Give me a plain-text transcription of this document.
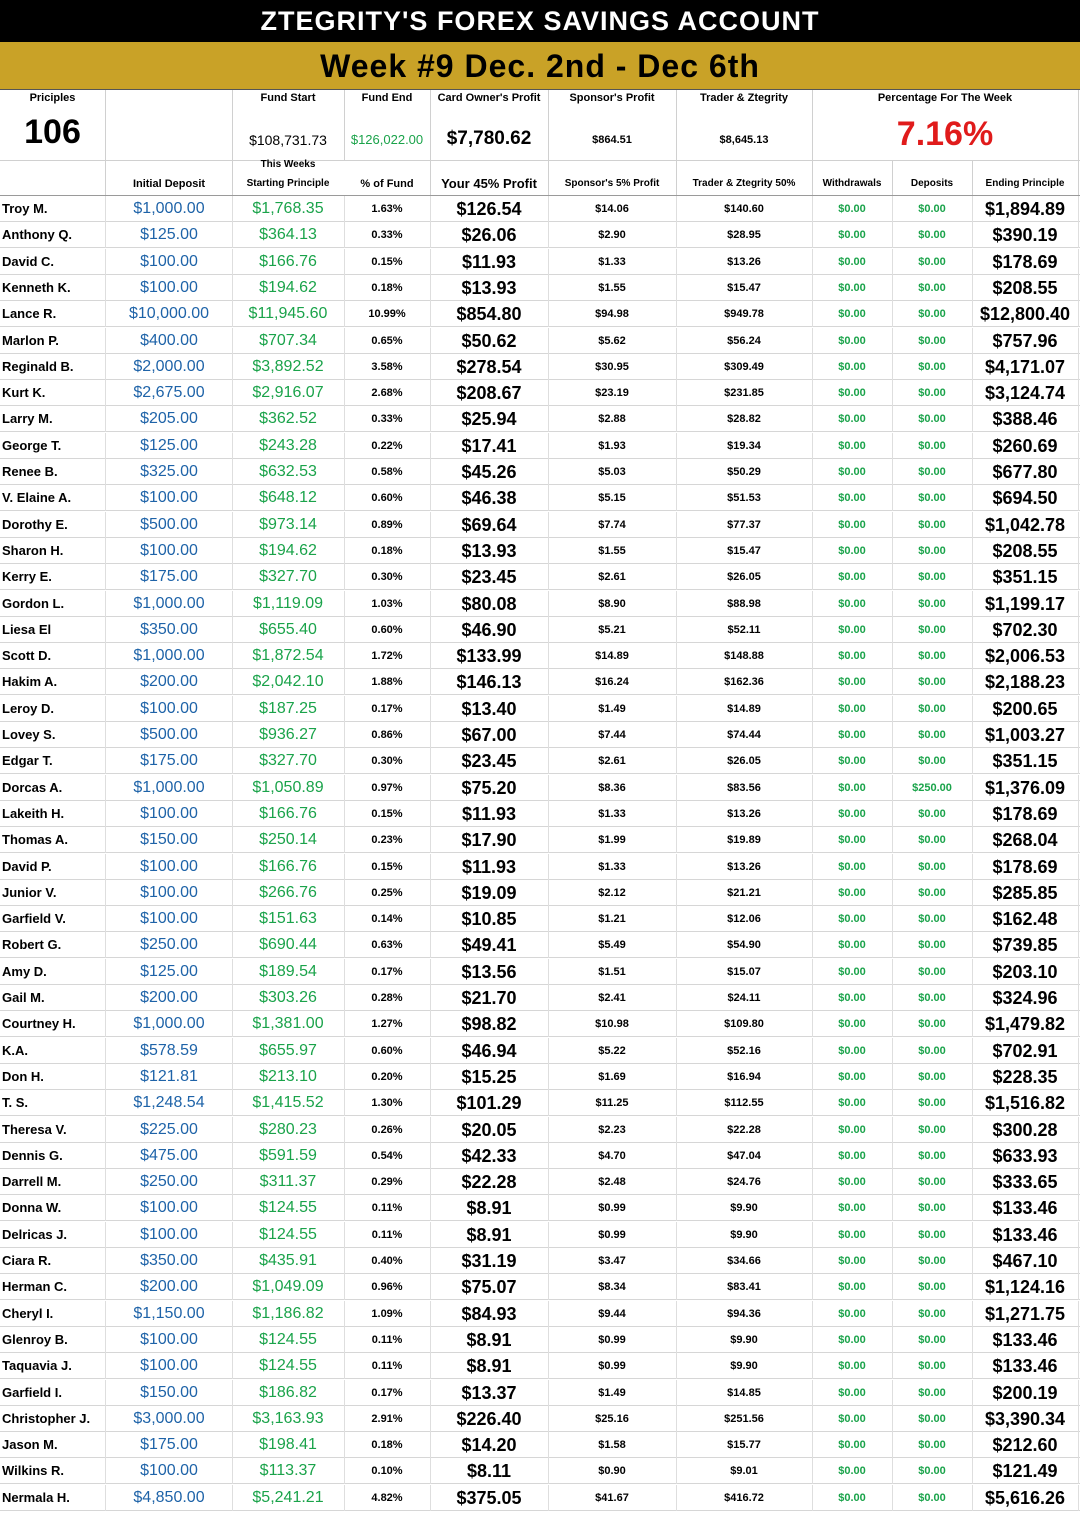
ZTEGRITY'S FOREX SAVINGS ACCOUNT
Week #9 Dec. 2nd - Dec 6th
Priciples	Fund Start	Fund End	Card Owner's Profit	Sponsor's Profit	Trader & Ztegrity	Percentage For The Week
106	$108,731.73	$126,022.00	$7,780.62	$864.51	$8,645.13	7.16%
This Weeks
Initial Deposit	Starting Principle	% of Fund	Your 45% Profit	Sponsor's 5% Profit	Trader & Ztegrity 50%	Withdrawals	Deposits	Ending Principle
Troy M.	$1,000.00	$1,768.35	1.63%	$126.54	$14.06	$140.60	$0.00	$0.00	$1,894.89
Anthony Q.	$125.00	$364.13	0.33%	$26.06	$2.90	$28.95	$0.00	$0.00	$390.19
David C.	$100.00	$166.76	0.15%	$11.93	$1.33	$13.26	$0.00	$0.00	$178.69
Kenneth K.	$100.00	$194.62	0.18%	$13.93	$1.55	$15.47	$0.00	$0.00	$208.55
Lance R.	$10,000.00	$11,945.60	10.99%	$854.80	$94.98	$949.78	$0.00	$0.00	$12,800.40
Marlon P.	$400.00	$707.34	0.65%	$50.62	$5.62	$56.24	$0.00	$0.00	$757.96
Reginald B.	$2,000.00	$3,892.52	3.58%	$278.54	$30.95	$309.49	$0.00	$0.00	$4,171.07
Kurt K.	$2,675.00	$2,916.07	2.68%	$208.67	$23.19	$231.85	$0.00	$0.00	$3,124.74
Larry M.	$205.00	$362.52	0.33%	$25.94	$2.88	$28.82	$0.00	$0.00	$388.46
George T.	$125.00	$243.28	0.22%	$17.41	$1.93	$19.34	$0.00	$0.00	$260.69
Renee B.	$325.00	$632.53	0.58%	$45.26	$5.03	$50.29	$0.00	$0.00	$677.80
V. Elaine A.	$100.00	$648.12	0.60%	$46.38	$5.15	$51.53	$0.00	$0.00	$694.50
Dorothy E.	$500.00	$973.14	0.89%	$69.64	$7.74	$77.37	$0.00	$0.00	$1,042.78
Sharon H.	$100.00	$194.62	0.18%	$13.93	$1.55	$15.47	$0.00	$0.00	$208.55
Kerry E.	$175.00	$327.70	0.30%	$23.45	$2.61	$26.05	$0.00	$0.00	$351.15
Gordon L.	$1,000.00	$1,119.09	1.03%	$80.08	$8.90	$88.98	$0.00	$0.00	$1,199.17
Liesa El	$350.00	$655.40	0.60%	$46.90	$5.21	$52.11	$0.00	$0.00	$702.30
Scott D.	$1,000.00	$1,872.54	1.72%	$133.99	$14.89	$148.88	$0.00	$0.00	$2,006.53
Hakim A.	$200.00	$2,042.10	1.88%	$146.13	$16.24	$162.36	$0.00	$0.00	$2,188.23
Leroy D.	$100.00	$187.25	0.17%	$13.40	$1.49	$14.89	$0.00	$0.00	$200.65
Lovey S.	$500.00	$936.27	0.86%	$67.00	$7.44	$74.44	$0.00	$0.00	$1,003.27
Edgar T.	$175.00	$327.70	0.30%	$23.45	$2.61	$26.05	$0.00	$0.00	$351.15
Dorcas A.	$1,000.00	$1,050.89	0.97%	$75.20	$8.36	$83.56	$0.00	$250.00	$1,376.09
Lakeith H.	$100.00	$166.76	0.15%	$11.93	$1.33	$13.26	$0.00	$0.00	$178.69
Thomas A.	$150.00	$250.14	0.23%	$17.90	$1.99	$19.89	$0.00	$0.00	$268.04
David P.	$100.00	$166.76	0.15%	$11.93	$1.33	$13.26	$0.00	$0.00	$178.69
Junior V.	$100.00	$266.76	0.25%	$19.09	$2.12	$21.21	$0.00	$0.00	$285.85
Garfield V.	$100.00	$151.63	0.14%	$10.85	$1.21	$12.06	$0.00	$0.00	$162.48
Robert G.	$250.00	$690.44	0.63%	$49.41	$5.49	$54.90	$0.00	$0.00	$739.85
Amy D.	$125.00	$189.54	0.17%	$13.56	$1.51	$15.07	$0.00	$0.00	$203.10
Gail M.	$200.00	$303.26	0.28%	$21.70	$2.41	$24.11	$0.00	$0.00	$324.96
Courtney H.	$1,000.00	$1,381.00	1.27%	$98.82	$10.98	$109.80	$0.00	$0.00	$1,479.82
K.A.	$578.59	$655.97	0.60%	$46.94	$5.22	$52.16	$0.00	$0.00	$702.91
Don H.	$121.81	$213.10	0.20%	$15.25	$1.69	$16.94	$0.00	$0.00	$228.35
T. S.	$1,248.54	$1,415.52	1.30%	$101.29	$11.25	$112.55	$0.00	$0.00	$1,516.82
Theresa V.	$225.00	$280.23	0.26%	$20.05	$2.23	$22.28	$0.00	$0.00	$300.28
Dennis G.	$475.00	$591.59	0.54%	$42.33	$4.70	$47.04	$0.00	$0.00	$633.93
Darrell M.	$250.00	$311.37	0.29%	$22.28	$2.48	$24.76	$0.00	$0.00	$333.65
Donna W.	$100.00	$124.55	0.11%	$8.91	$0.99	$9.90	$0.00	$0.00	$133.46
Delricas J.	$100.00	$124.55	0.11%	$8.91	$0.99	$9.90	$0.00	$0.00	$133.46
Ciara R.	$350.00	$435.91	0.40%	$31.19	$3.47	$34.66	$0.00	$0.00	$467.10
Herman C.	$200.00	$1,049.09	0.96%	$75.07	$8.34	$83.41	$0.00	$0.00	$1,124.16
Cheryl I.	$1,150.00	$1,186.82	1.09%	$84.93	$9.44	$94.36	$0.00	$0.00	$1,271.75
Glenroy B.	$100.00	$124.55	0.11%	$8.91	$0.99	$9.90	$0.00	$0.00	$133.46
Taquavia J.	$100.00	$124.55	0.11%	$8.91	$0.99	$9.90	$0.00	$0.00	$133.46
Garfield I.	$150.00	$186.82	0.17%	$13.37	$1.49	$14.85	$0.00	$0.00	$200.19
Christopher J.	$3,000.00	$3,163.93	2.91%	$226.40	$25.16	$251.56	$0.00	$0.00	$3,390.34
Jason M.	$175.00	$198.41	0.18%	$14.20	$1.58	$15.77	$0.00	$0.00	$212.60
Wilkins R.	$100.00	$113.37	0.10%	$8.11	$0.90	$9.01	$0.00	$0.00	$121.49
Nermala H.	$4,850.00	$5,241.21	4.82%	$375.05	$41.67	$416.72	$0.00	$0.00	$5,616.26
